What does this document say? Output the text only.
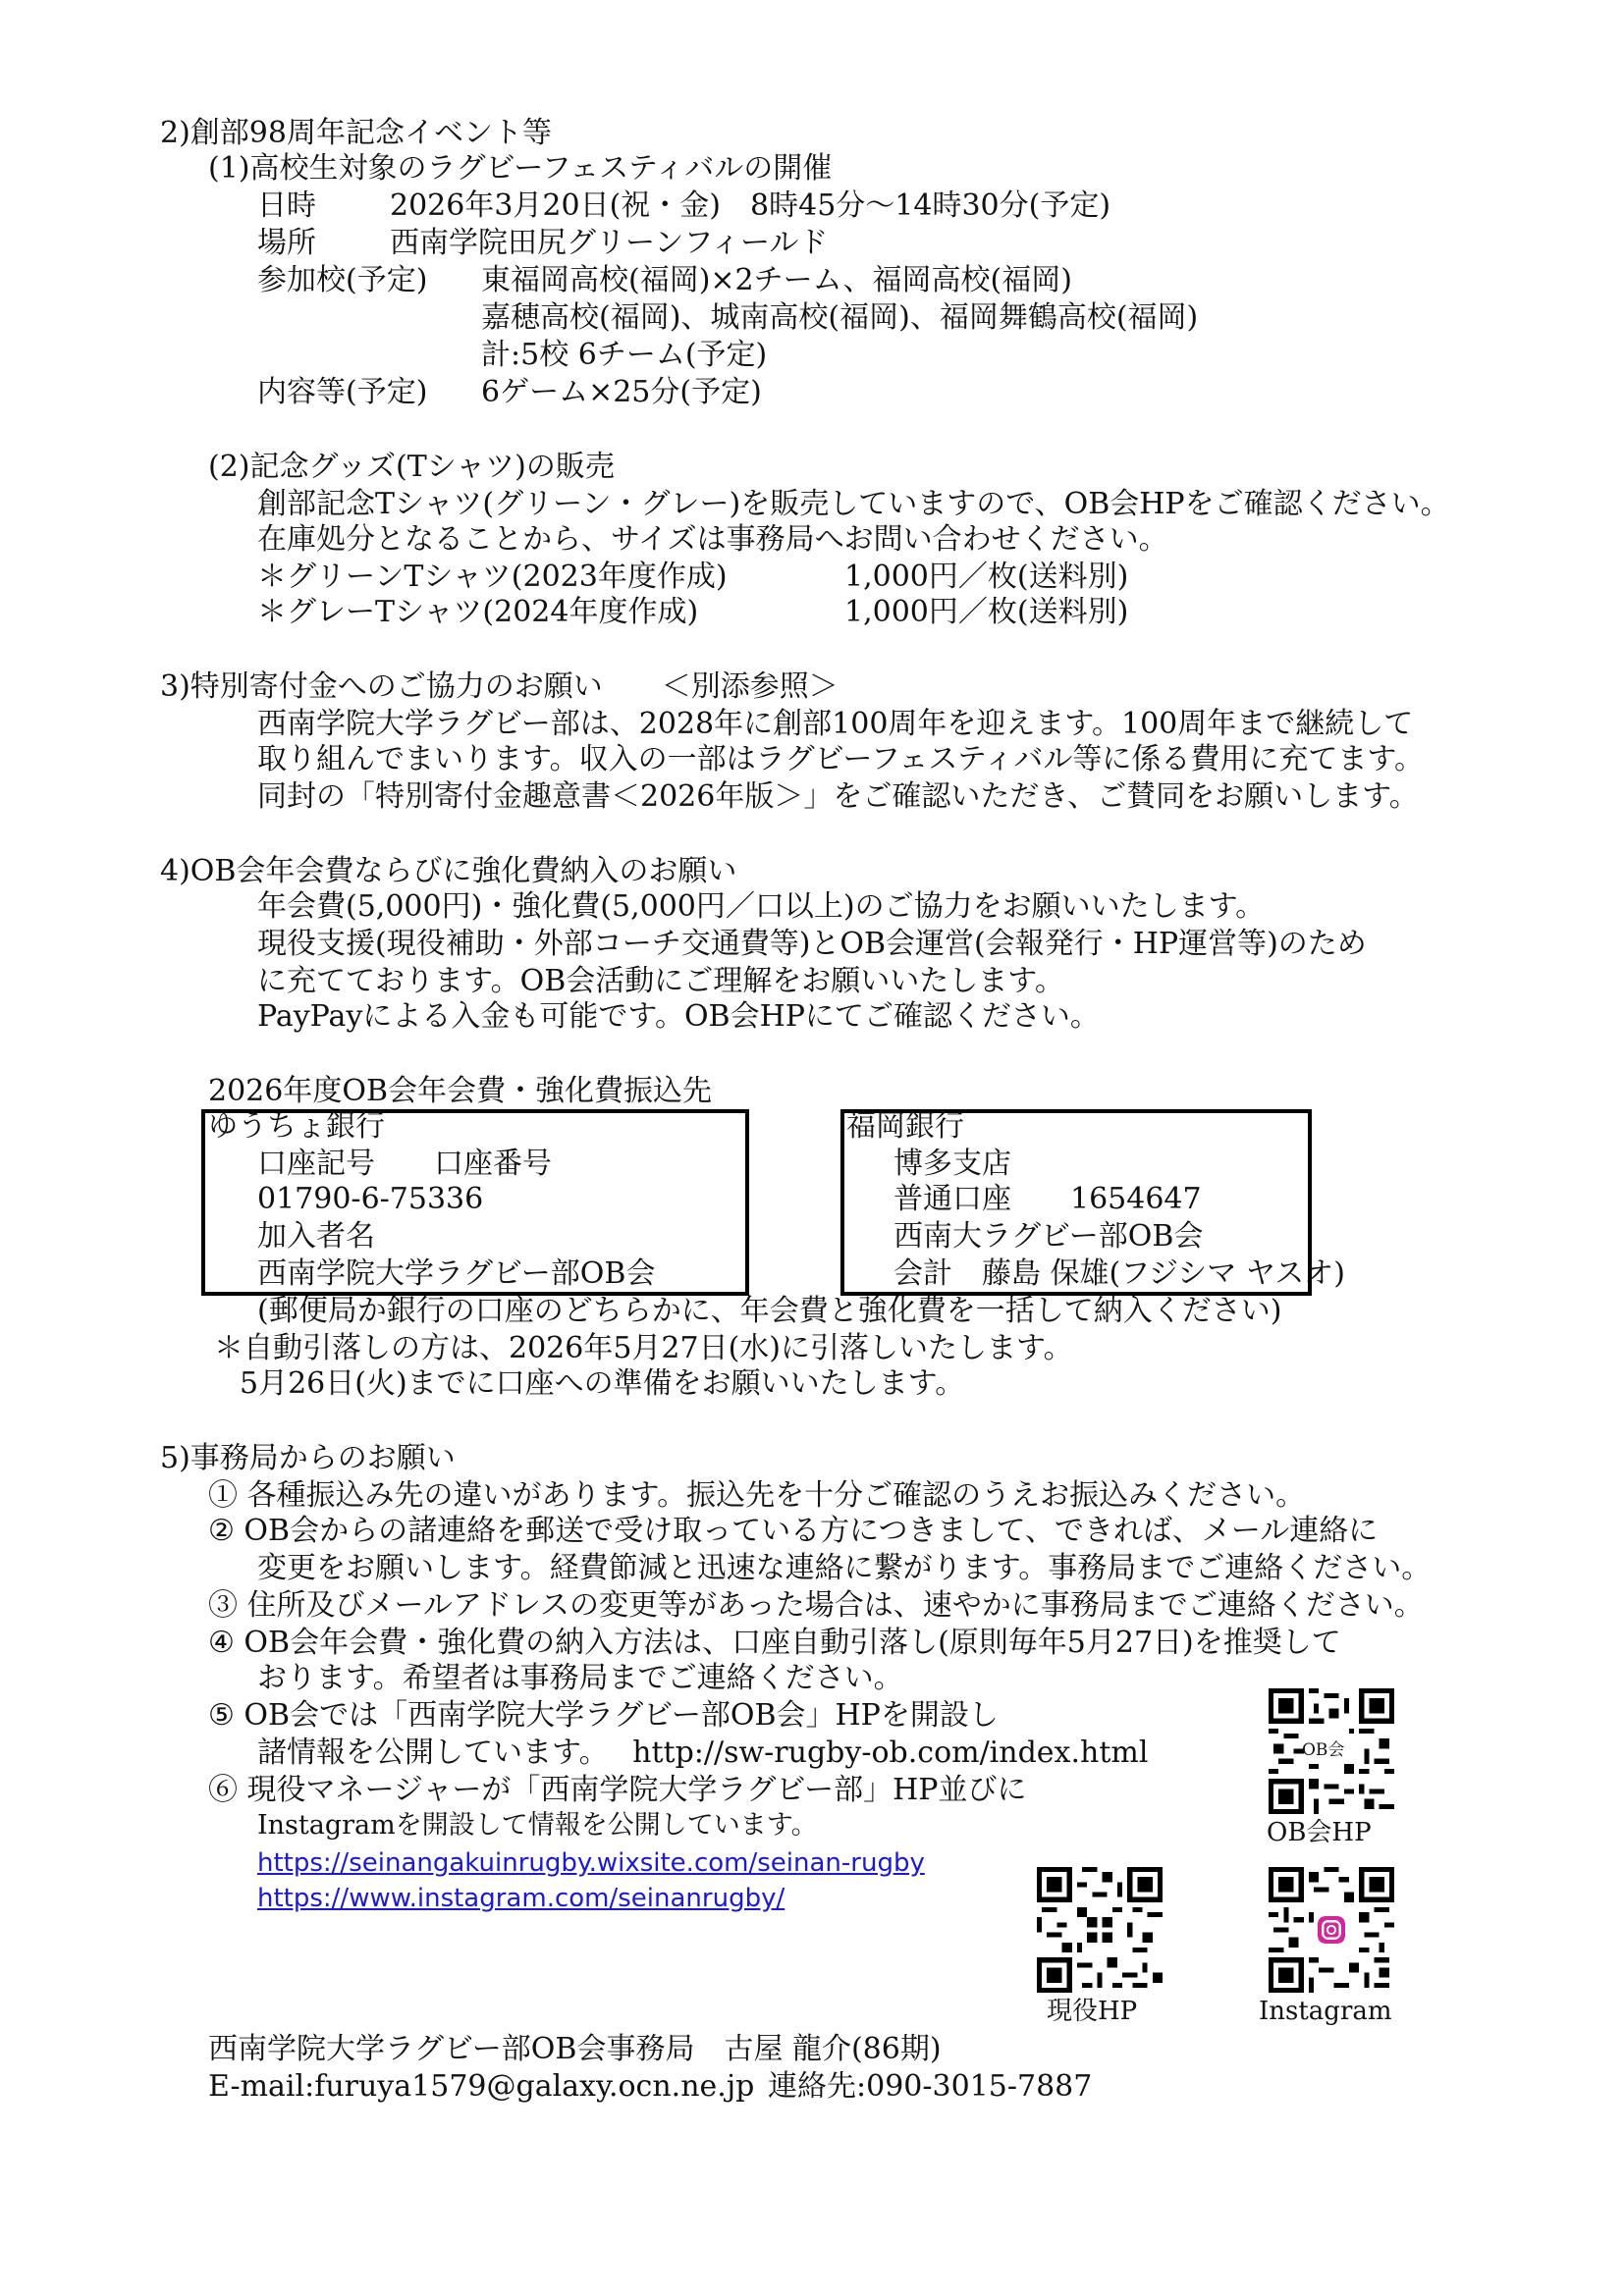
2)創部98周年記念イベント等
(1)高校生対象のラグビーフェスティバルの開催
日時	2026年3月20日(祝・金)　8時45分～14時30分(予定)
場所	西南学院田尻グリーンフィールド
参加校(予定) 東福岡高校(福岡)×2チーム、福岡高校(福岡)
嘉穂高校(福岡)、城南高校(福岡)、福岡舞鶴高校(福岡)
計:5校 6チーム(予定)
内容等(予定) 6ゲーム×25分(予定)
(2)記念グッズ(Tシャツ)の販売
創部記念Tシャツ(グリーン・グレー)を販売していますので、OB会HPをご確認ください。
在庫処分となることから、サイズは事務局へお問い合わせください。
＊グリーンTシャツ(2023年度作成)	1,000円／枚(送料別)
＊グレーTシャツ(2024年度作成)	1,000円／枚(送料別)
3)特別寄付金へのご協力のお願い　　＜別添参照＞
西南学院大学ラグビー部は、2028年に創部100周年を迎えます。100周年まで継続して
取り組んでまいります。収入の一部はラグビーフェスティバル等に係る費用に充てます。
同封の「特別寄付金趣意書＜2026年版＞」をご確認いただき、ご賛同をお願いします。
4)OB会年会費ならびに強化費納入のお願い
年会費(5,000円)・強化費(5,000円／口以上)のご協力をお願いいたします。
現役支援(現役補助・外部コーチ交通費等)とOB会運営(会報発行・HP運営等)のため
に充てております。OB会活動にご理解をお願いいたします。
PayPayによる入金も可能です。OB会HPにてご確認ください。
2026年度OB会年会費・強化費振込先
ゆうちょ銀行
口座記号　　口座番号
01790-6-75336
加入者名
西南学院大学ラグビー部OB会
福岡銀行
博多支店
普通口座　　1654647
西南大ラグビー部OB会
会計　藤島 保雄(フジシマ ヤスオ)
(郵便局か銀行の口座のどちらかに、年会費と強化費を一括して納入ください)
＊自動引落しの方は、2026年5月27日(水)に引落しいたします。
5月26日(火)までに口座への準備をお願いいたします。
5)事務局からのお願い
① 各種振込み先の違いがあります。振込先を十分ご確認のうえお振込みください。
② OB会からの諸連絡を郵送で受け取っている方につきまして、できれば、メール連絡に
変更をお願いします。経費節減と迅速な連絡に繋がります。事務局までご連絡ください。
③ 住所及びメールアドレスの変更等があった場合は、速やかに事務局までご連絡ください。
④ OB会年会費・強化費の納入方法は、口座自動引落し(原則毎年5月27日)を推奨して
おります。希望者は事務局までご連絡ください。
⑤ OB会では「西南学院大学ラグビー部OB会」HPを開設し
諸情報を公開しています。　 http://sw-rugby-ob.com/index.html
⑥ 現役マネージャーが「西南学院大学ラグビー部」HP並びに
Instagramを開設して情報を公開しています。
https://seinangakuinrugby.wixsite.com/seinan-rugby
https://www.instagram.com/seinanrugby/
OB会
OB会HP
現役HP	Instagram
西南学院大学ラグビー部OB会事務局　古屋 龍介(86期)
E-mail:furuya1579@galaxy.ocn.ne.jp 連絡先:090-3015-7887
